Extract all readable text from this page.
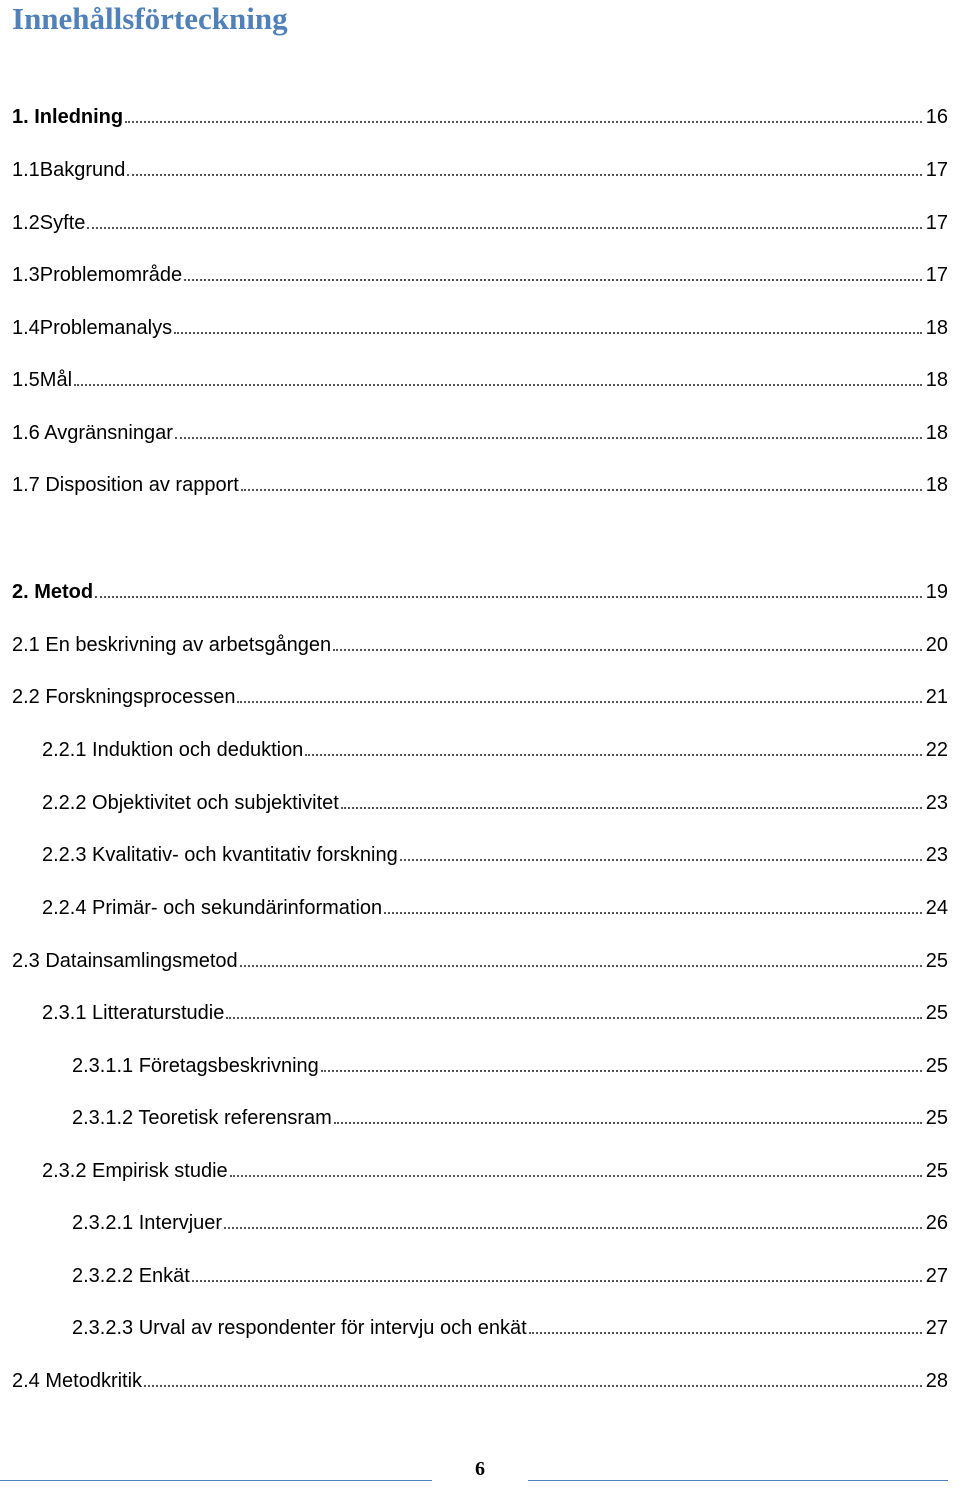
Innehållsförteckning
1. Inledning	16
1.1Bakgrund	17
1.2Syfte	17
1.3Problemområde	17
1.4Problemanalys	18
1.5Mål	18
1.6 Avgränsningar	18
1.7 Disposition av rapport	18
2. Metod	19
2.1 En beskrivning av arbetsgången	20
2.2 Forskningsprocessen	21
2.2.1 Induktion och deduktion	22
2.2.2 Objektivitet och subjektivitet	23
2.2.3 Kvalitativ- och kvantitativ forskning	23
2.2.4 Primär- och sekundärinformation	24
2.3 Datainsamlingsmetod	25
2.3.1 Litteraturstudie	25
2.3.1.1 Företagsbeskrivning	25
2.3.1.2 Teoretisk referensram	25
2.3.2 Empirisk studie	25
2.3.2.1 Intervjuer	26
2.3.2.2 Enkät	27
2.3.2.3 Urval av respondenter för intervju och enkät	27
2.4 Metodkritik	28
6
